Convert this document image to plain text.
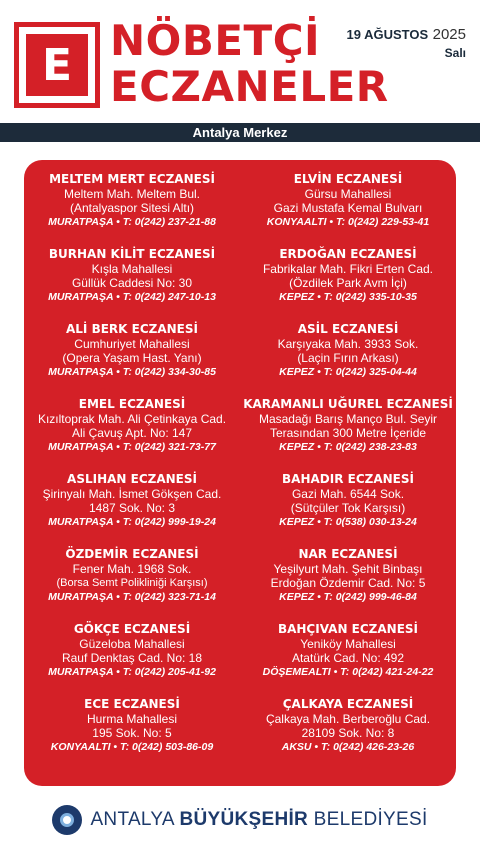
E NÖBETÇİ
ECZANELER
19 AĞUSTOS 2025
Salı
Antalya Merkez
MELTEM MERT ECZANESİ
Meltem Mah. Meltem Bul.
(Antalyaspor Sitesi Altı)
MURATPAŞA • T: 0(242) 237-21-88
BURHAN KİLİT ECZANESİ
Kışla Mahallesi
Güllük Caddesi No: 30
MURATPAŞA • T: 0(242) 247-10-13
ALİ BERK ECZANESİ
Cumhuriyet Mahallesi
(Opera Yaşam Hast. Yanı)
MURATPAŞA • T: 0(242) 334-30-85
EMEL ECZANESİ
Kızıltoprak Mah. Ali Çetinkaya Cad.
Ali Çavuş Apt. No: 147
MURATPAŞA • T: 0(242) 321-73-77
ASLIHAN ECZANESİ
Şirinyalı Mah. İsmet Gökşen Cad.
1487 Sok. No: 3
MURATPAŞA • T: 0(242) 999-19-24
ÖZDEMİR ECZANESİ
Fener Mah. 1968 Sok.
(Borsa Semt Polikliniği Karşısı)
MURATPAŞA • T: 0(242) 323-71-14
GÖKÇE ECZANESİ
Güzeloba Mahallesi
Rauf Denktaş Cad. No: 18
MURATPAŞA • T: 0(242) 205-41-92
ECE ECZANESİ
Hurma Mahallesi
195 Sok. No: 5
KONYAALTI • T: 0(242) 503-86-09
ELVİN ECZANESİ
Gürsu Mahallesi
Gazi Mustafa Kemal Bulvarı
KONYAALTI • T: 0(242) 229-53-41
ERDOĞAN ECZANESİ
Fabrikalar Mah. Fikri Erten Cad.
(Özdilek Park Avm İçi)
KEPEZ • T: 0(242) 335-10-35
ASİL ECZANESİ
Karşıyaka Mah. 3933 Sok.
(Laçin Fırın Arkası)
KEPEZ • T: 0(242) 325-04-44
KARAMANLI UĞUREL ECZANESİ
Masadağı Barış Manço Bul. Seyir
Terasından 300 Metre İçeride
KEPEZ • T: 0(242) 238-23-83
BAHADIR ECZANESİ
Gazi Mah. 6544 Sok.
(Sütçüler Tok Karşısı)
KEPEZ • T: 0(538) 030-13-24
NAR ECZANESİ
Yeşilyurt Mah. Şehit Binbaşı
Erdoğan Özdemir Cad. No: 5
KEPEZ • T: 0(242) 999-46-84
BAHÇIVAN ECZANESİ
Yeniköy Mahallesi
Atatürk Cad. No: 492
DÖŞEMEALTI • T: 0(242) 421-24-22
ÇALKAYA ECZANESİ
Çalkaya Mah. Berberoğlu Cad.
28109 Sok. No: 8
AKSU • T: 0(242) 426-23-26
ANTALYA BÜYÜKŞEHİR BELEDİYESİ
